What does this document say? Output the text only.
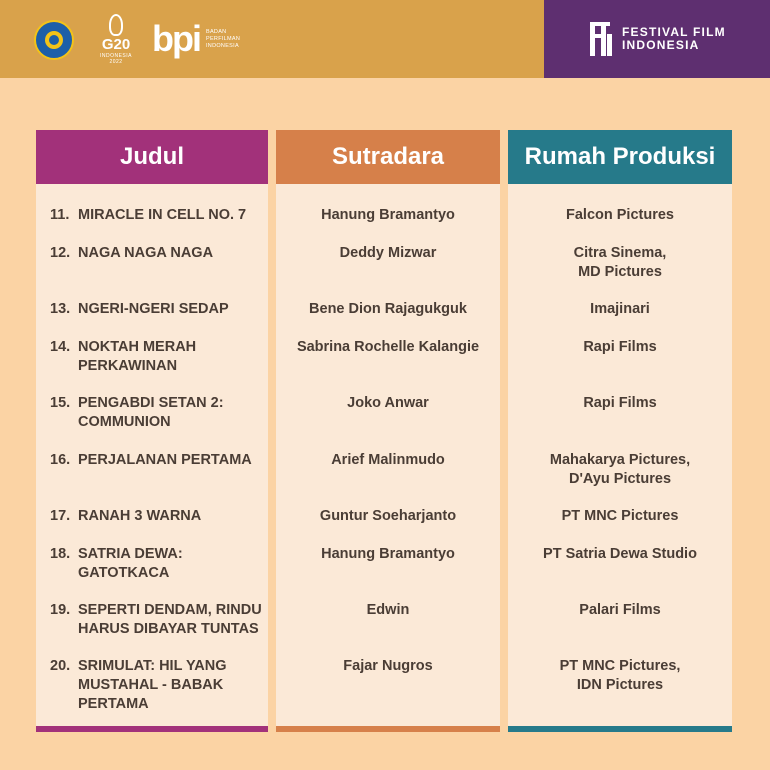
G20
INDONESIA 2022
bpi BADAN
PERFILMAN
INDONESIA
FESTIVAL FILM
INDONESIA
Judul
11. MIRACLE IN CELL NO. 7
12. NAGA NAGA NAGA
13. NGERI-NGERI SEDAP
14. NOKTAH MERAH
PERKAWINAN
15. PENGABDI SETAN 2:
COMMUNION
16. PERJALANAN PERTAMA
17. RANAH 3 WARNA
18. SATRIA DEWA:
GATOTKACA
19. SEPERTI DENDAM, RINDU
HARUS DIBAYAR TUNTAS
20. SRIMULAT: HIL YANG
MUSTAHAL - BABAK
PERTAMA
Sutradara
Hanung Bramantyo
Deddy Mizwar
Bene Dion Rajagukguk
Sabrina Rochelle Kalangie
Joko Anwar
Arief Malinmudo
Guntur Soeharjanto
Hanung Bramantyo
Edwin
Fajar Nugros
Rumah Produksi
Falcon Pictures
Citra Sinema,
MD Pictures
Imajinari
Rapi Films
Rapi Films
Mahakarya Pictures,
D'Ayu Pictures
PT MNC Pictures
PT Satria Dewa Studio
Palari Films
PT MNC Pictures,
IDN Pictures
